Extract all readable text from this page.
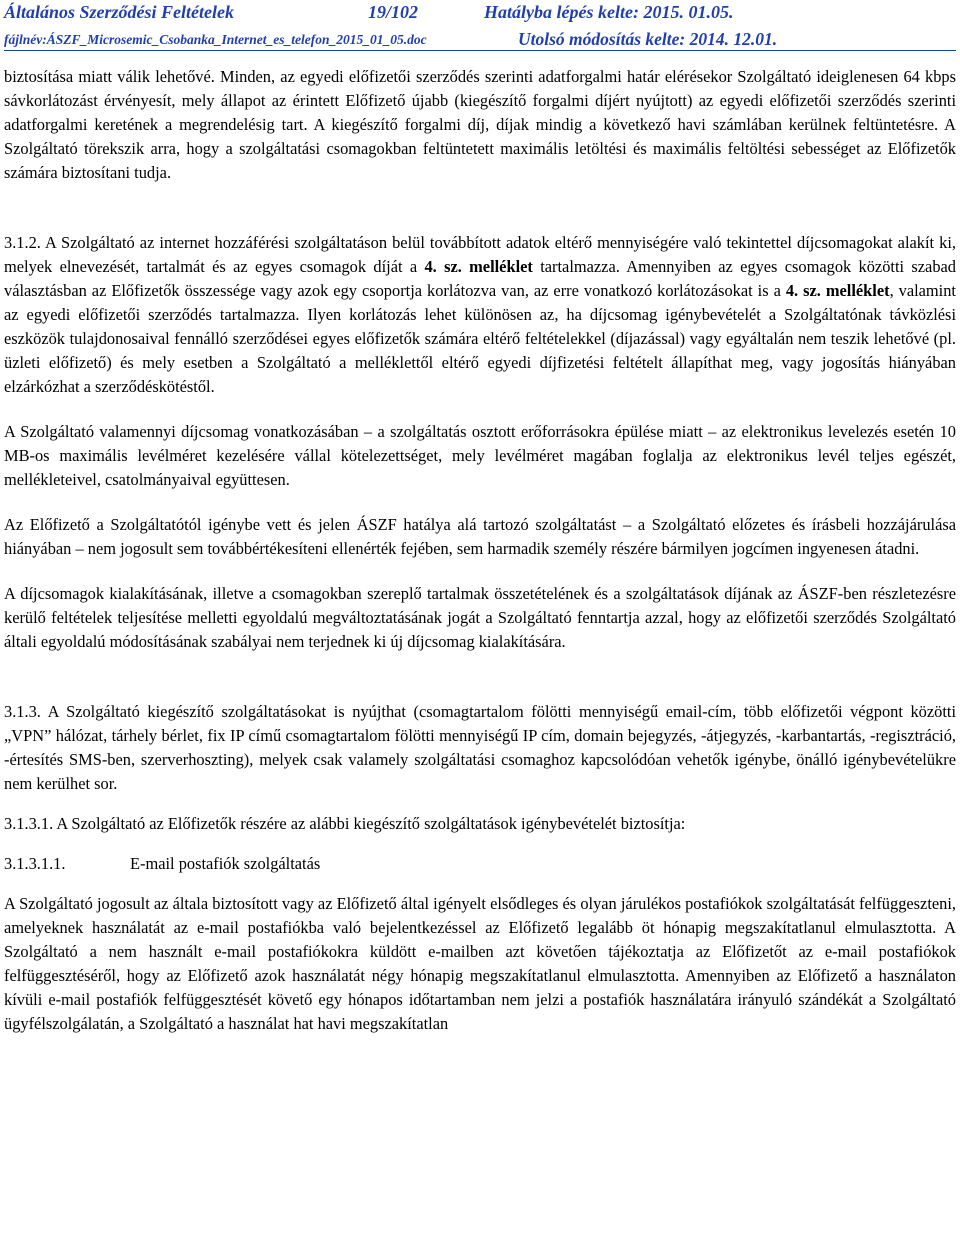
Általános Szerződési Feltételek	19/102	Hatályba lépés kelte: 2015. 01.05.
fájlnév:ÁSZF_Microsemic_Csobanka_Internet_es_telefon_2015_01_05.doc	Utolsó módosítás kelte: 2014. 12.01.

biztosítása miatt válik lehetővé. Minden, az egyedi előfizetői szerződés szerinti adatforgalmi határ elérésekor Szolgáltató ideiglenesen 64 kbps sávkorlátozást érvényesít, mely állapot az érintett Előfizető újabb (kiegészítő forgalmi díjért nyújtott) az egyedi előfizetői szerződés szerinti adatforgalmi keretének a megrendelésig tart. A kiegészítő forgalmi díj, díjak mindig a következő havi számlában kerülnek feltüntetésre. A Szolgáltató törekszik arra, hogy a szolgáltatási csomagokban feltüntetett maximális letöltési és maximális feltöltési sebességet az Előfizetők számára biztosítani tudja.

3.1.2. A Szolgáltató az internet hozzáférési szolgáltatáson belül továbbított adatok eltérő mennyiségére való tekintettel díjcsomagokat alakít ki, melyek elnevezését, tartalmát és az egyes csomagok díját a 4. sz. melléklet tartalmazza. Amennyiben az egyes csomagok közötti szabad választásban az Előfizetők összessége vagy azok egy csoportja korlátozva van, az erre vonatkozó korlátozásokat is a 4. sz. melléklet, valamint az egyedi előfizetői szerződés tartalmazza. Ilyen korlátozás lehet különösen az, ha díjcsomag igénybevételét a Szolgáltatónak távközlési eszközök tulajdonosaival fennálló szerződései egyes előfizetők számára eltérő feltételekkel (díjazással) vagy egyáltalán nem teszik lehetővé (pl. üzleti előfizető) és mely esetben a Szolgáltató a melléklettől eltérő egyedi díjfizetési feltételt állapíthat meg, vagy jogosítás hiányában elzárkózhat a szerződéskötéstől.

A Szolgáltató valamennyi díjcsomag vonatkozásában – a szolgáltatás osztott erőforrásokra épülése miatt – az elektronikus levelezés esetén 10 MB-os maximális levélméret kezelésére vállal kötelezettséget, mely levélméret magában foglalja az elektronikus levél teljes egészét, mellékleteivel, csatolmányaival együttesen.

Az Előfizető a Szolgáltatótól igénybe vett és jelen ÁSZF hatálya alá tartozó szolgáltatást – a Szolgáltató előzetes és írásbeli hozzájárulása hiányában – nem jogosult sem továbbértékesíteni ellenérték fejében, sem harmadik személy részére bármilyen jogcímen ingyenesen átadni.

A díjcsomagok kialakításának, illetve a csomagokban szereplő tartalmak összetételének és a szolgáltatások díjának az ÁSZF-ben részletezésre kerülő feltételek teljesítése melletti egyoldalú megváltoztatásának jogát a Szolgáltató fenntartja azzal, hogy az előfizetői szerződés Szolgáltató általi egyoldalú módosításának szabályai nem terjednek ki új díjcsomag kialakítására.

3.1.3. A Szolgáltató kiegészítő szolgáltatásokat is nyújthat (csomagtartalom fölötti mennyiségű email-cím, több előfizetői végpont közötti „VPN” hálózat, tárhely bérlet, fix IP című csomagtartalom fölötti mennyiségű IP cím, domain bejegyzés, -átjegyzés, -karbantartás, -regisztráció, -értesítés SMS-ben, szerverhoszting), melyek csak valamely szolgáltatási csomaghoz kapcsolódóan vehetők igénybe, önálló igénybevételükre nem kerülhet sor.

3.1.3.1. A Szolgáltató az Előfizetők részére az alábbi kiegészítő szolgáltatások igénybevételét biztosítja:

3.1.3.1.1.	E-mail postafiók szolgáltatás

A Szolgáltató jogosult az általa biztosított vagy az Előfizető által igényelt elsődleges és olyan járulékos postafiókok szolgáltatását felfüggeszteni, amelyeknek használatát az e-mail postafiókba való bejelentkezéssel az Előfizető legalább öt hónapig megszakítatlanul elmulasztotta. A Szolgáltató a nem használt e-mail postafiókokra küldött e-mailben azt követően tájékoztatja az Előfizetőt az e-mail postafiókok felfüggesztéséről, hogy az Előfizető azok használatát négy hónapig megszakítatlanul elmulasztotta. Amennyiben az Előfizető a használaton kívüli e-mail postafiók felfüggesztését követő egy hónapos időtartamban nem jelzi a postafiók használatára irányuló szándékát a Szolgáltató ügyfélszolgálatán, a Szolgáltató a használat hat havi megszakítatlan
